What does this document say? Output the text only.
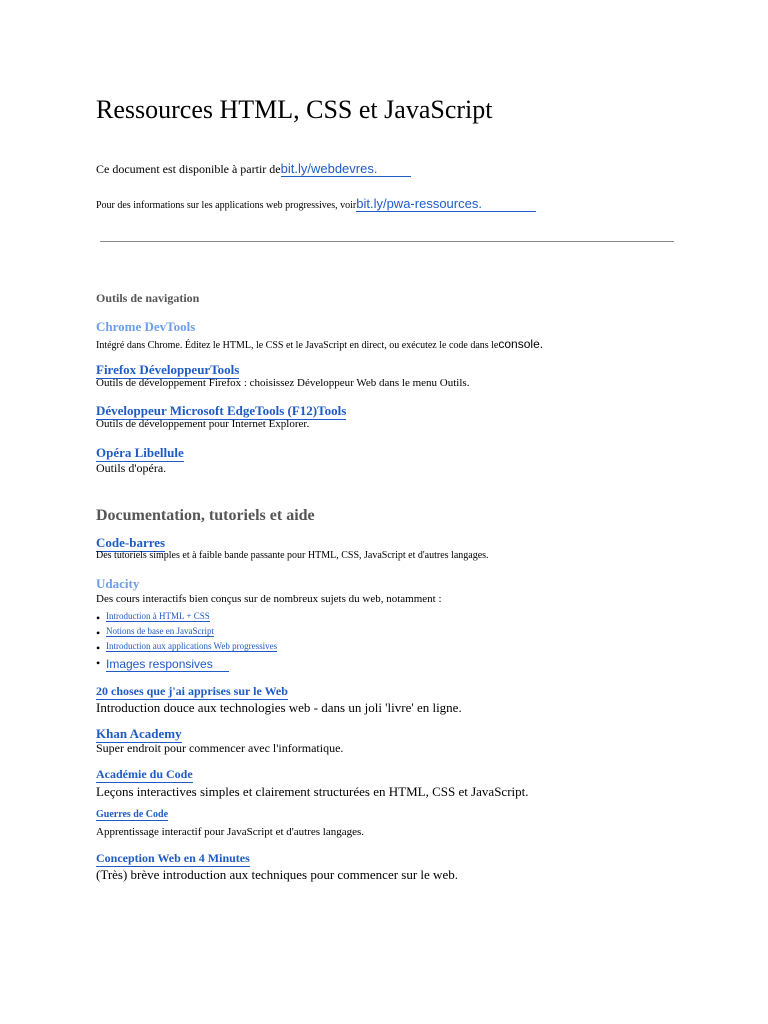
Ressources HTML, CSS et JavaScript
Ce document est disponible à partir debit.ly/webdevres.
Pour des informations sur les applications web progressives, voirbit.ly/pwa-ressources.
Outils de navigation
Chrome DevTools
Intégré dans Chrome. Éditez le HTML, le CSS et le JavaScript en direct, ou exécutez le code dans leconsole.
Firefox DéveloppeurTools
Outils de développement Firefox : choisissez Développeur Web dans le menu Outils.
Développeur Microsoft EdgeTools (F12)Tools
Outils de développement pour Internet Explorer.
Opéra Libellule
Outils d'opéra.
Documentation, tutoriels et aide
Code-barres
Des tutoriels simples et à faible bande passante pour HTML, CSS, JavaScript et d'autres langages.
Udacity
Des cours interactifs bien conçus sur de nombreux sujets du web, notamment :
• Introduction à HTML + CSS
• Notions de base en JavaScript
• Introduction aux applications Web progressives
• Images responsives
20 choses que j'ai apprises sur le Web
Introduction douce aux technologies web - dans un joli 'livre' en ligne.
Khan Academy
Super endroit pour commencer avec l'informatique.
Académie du Code
Leçons interactives simples et clairement structurées en HTML, CSS et JavaScript.
Guerres de Code
Apprentissage interactif pour JavaScript et d'autres langages.
Conception Web en 4 Minutes
(Très) brève introduction aux techniques pour commencer sur le web.
